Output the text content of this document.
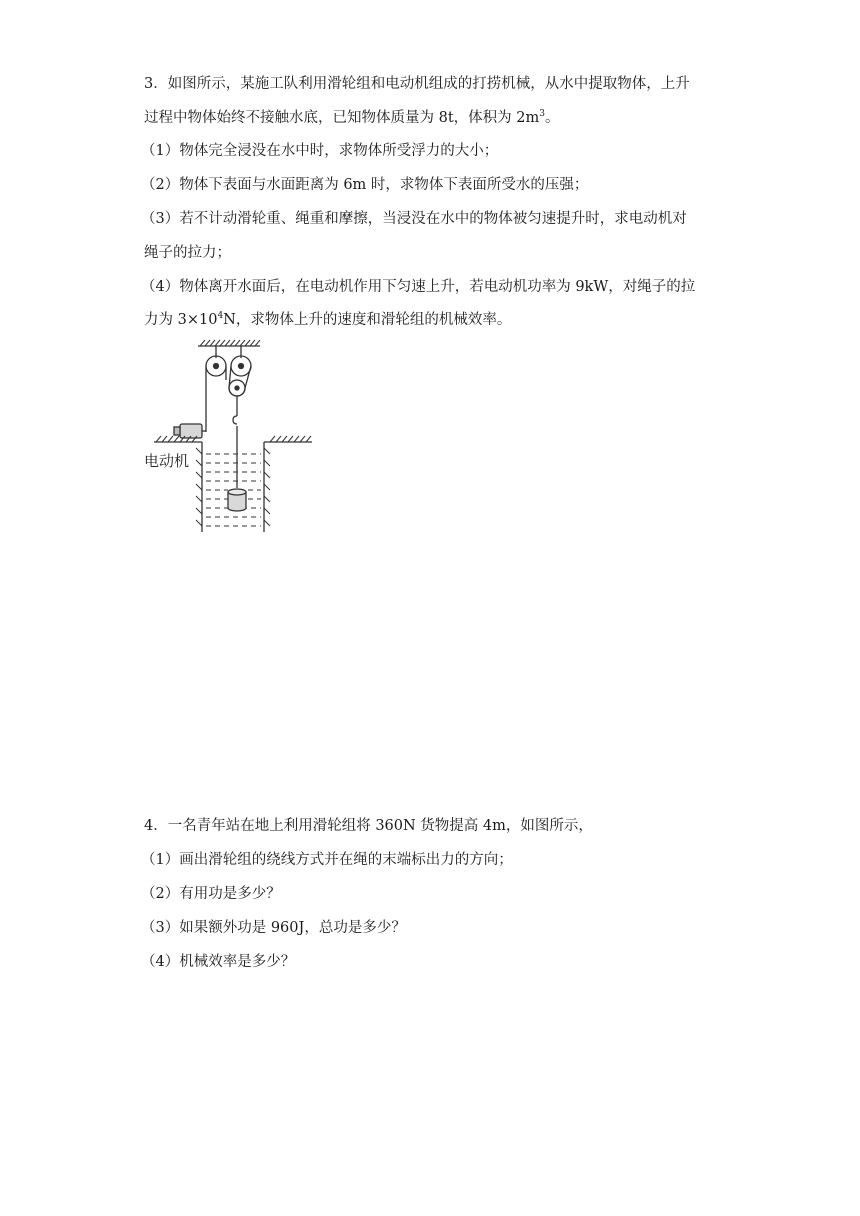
3．如图所示，某施工队利用滑轮组和电动机组成的打捞机械，从水中提取物体，上升
过程中物体始终不接触水底，已知物体质量为 8t，体积为 $2m^3$。
（1）物体完全浸没在水中时，求物体所受浮力的大小；
（2）物体下表面与水面距离为 6m 时，求物体下表面所受水的压强；
（3）若不计动滑轮重、绳重和摩擦，当浸没在水中的物体被匀速提升时，求电动机对
绳子的拉力；
（4）物体离开水面后，在电动机作用下匀速上升，若电动机功率为 9kW，对绳子的拉
力为 $3\times 10^4N$，求物体上升的速度和滑轮组的机械效率。
电动机
4．一名青年站在地上利用滑轮组将 360N 货物提高 4m，如图所示，
（1）画出滑轮组的绕线方式并在绳的末端标出力的方向；
（2）有用功是多少？
（3）如果额外功是 960J，总功是多少？
（4）机械效率是多少？
